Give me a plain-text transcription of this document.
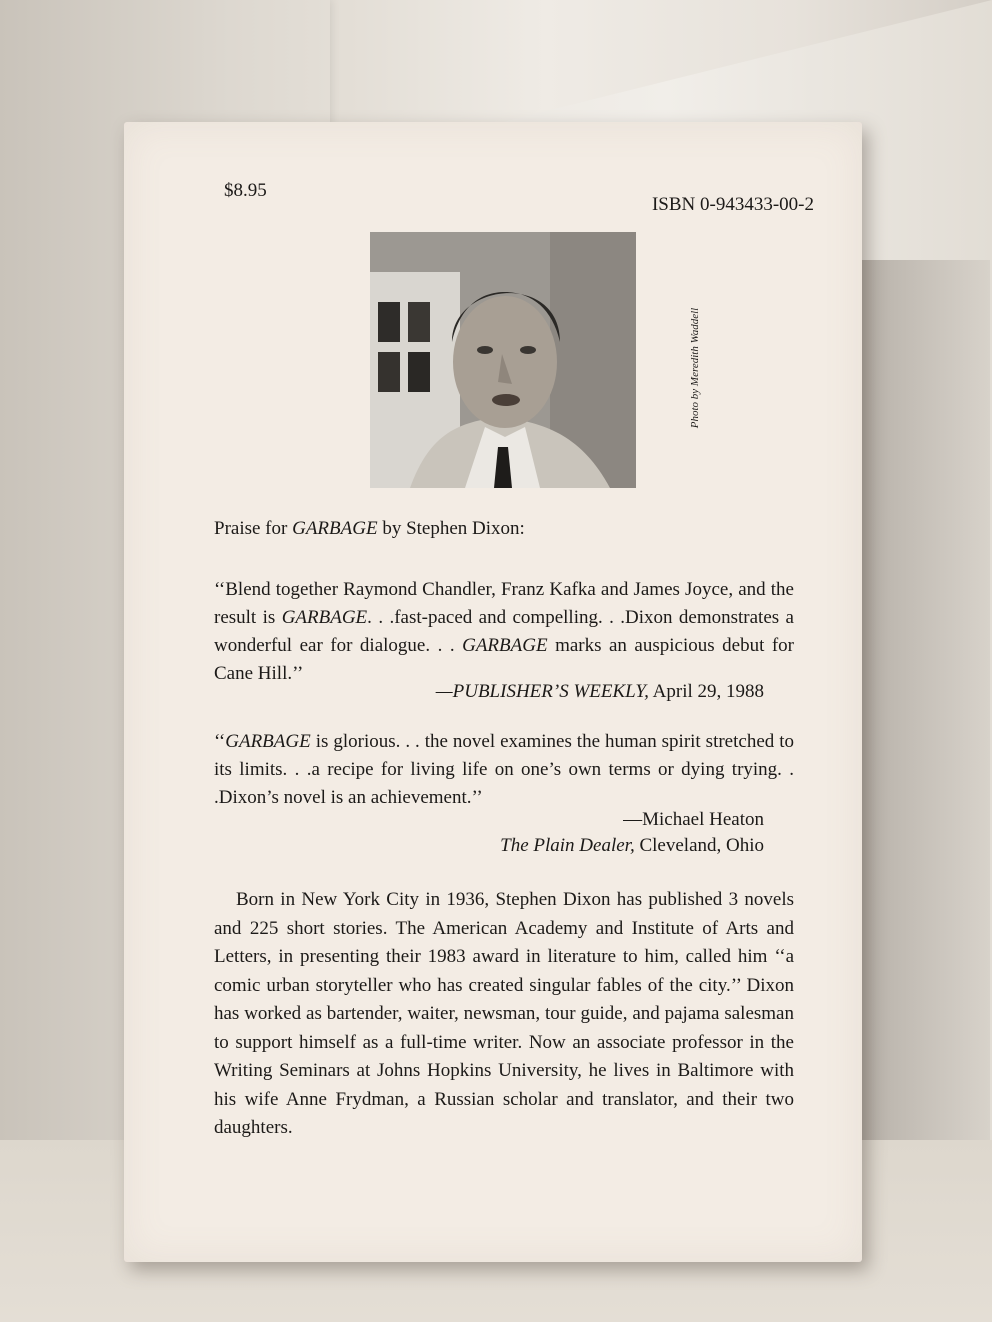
$8.95
ISBN 0-943433-00-2
Photo by Meredith Waddell
Praise for GARBAGE by Stephen Dixon:
‘‘Blend together Raymond Chandler, Franz Kafka and James Joyce, and the result is GARBAGE. . .fast-paced and compelling. . .Dixon demonstrates a wonderful ear for dialogue. . . GARBAGE marks an auspicious debut for Cane Hill.’’
—PUBLISHER’S WEEKLY, April 29, 1988
‘‘GARBAGE is glorious. . . the novel examines the human spirit stretched to its limits. . .a recipe for living life on one’s own terms or dying trying. . .Dixon’s novel is an achievement.’’
—Michael Heaton
The Plain Dealer, Cleveland, Ohio
Born in New York City in 1936, Stephen Dixon has published 3 novels and 225 short stories. The American Academy and Institute of Arts and Letters, in presenting their 1983 award in literature to him, called him ‘‘a comic urban storyteller who has created singular fables of the city.’’ Dixon has worked as bartender, waiter, newsman, tour guide, and pajama salesman to support himself as a full-time writer. Now an associate professor in the Writing Seminars at Johns Hopkins University, he lives in Baltimore with his wife Anne Frydman, a Russian scholar and translator, and their two daughters.
